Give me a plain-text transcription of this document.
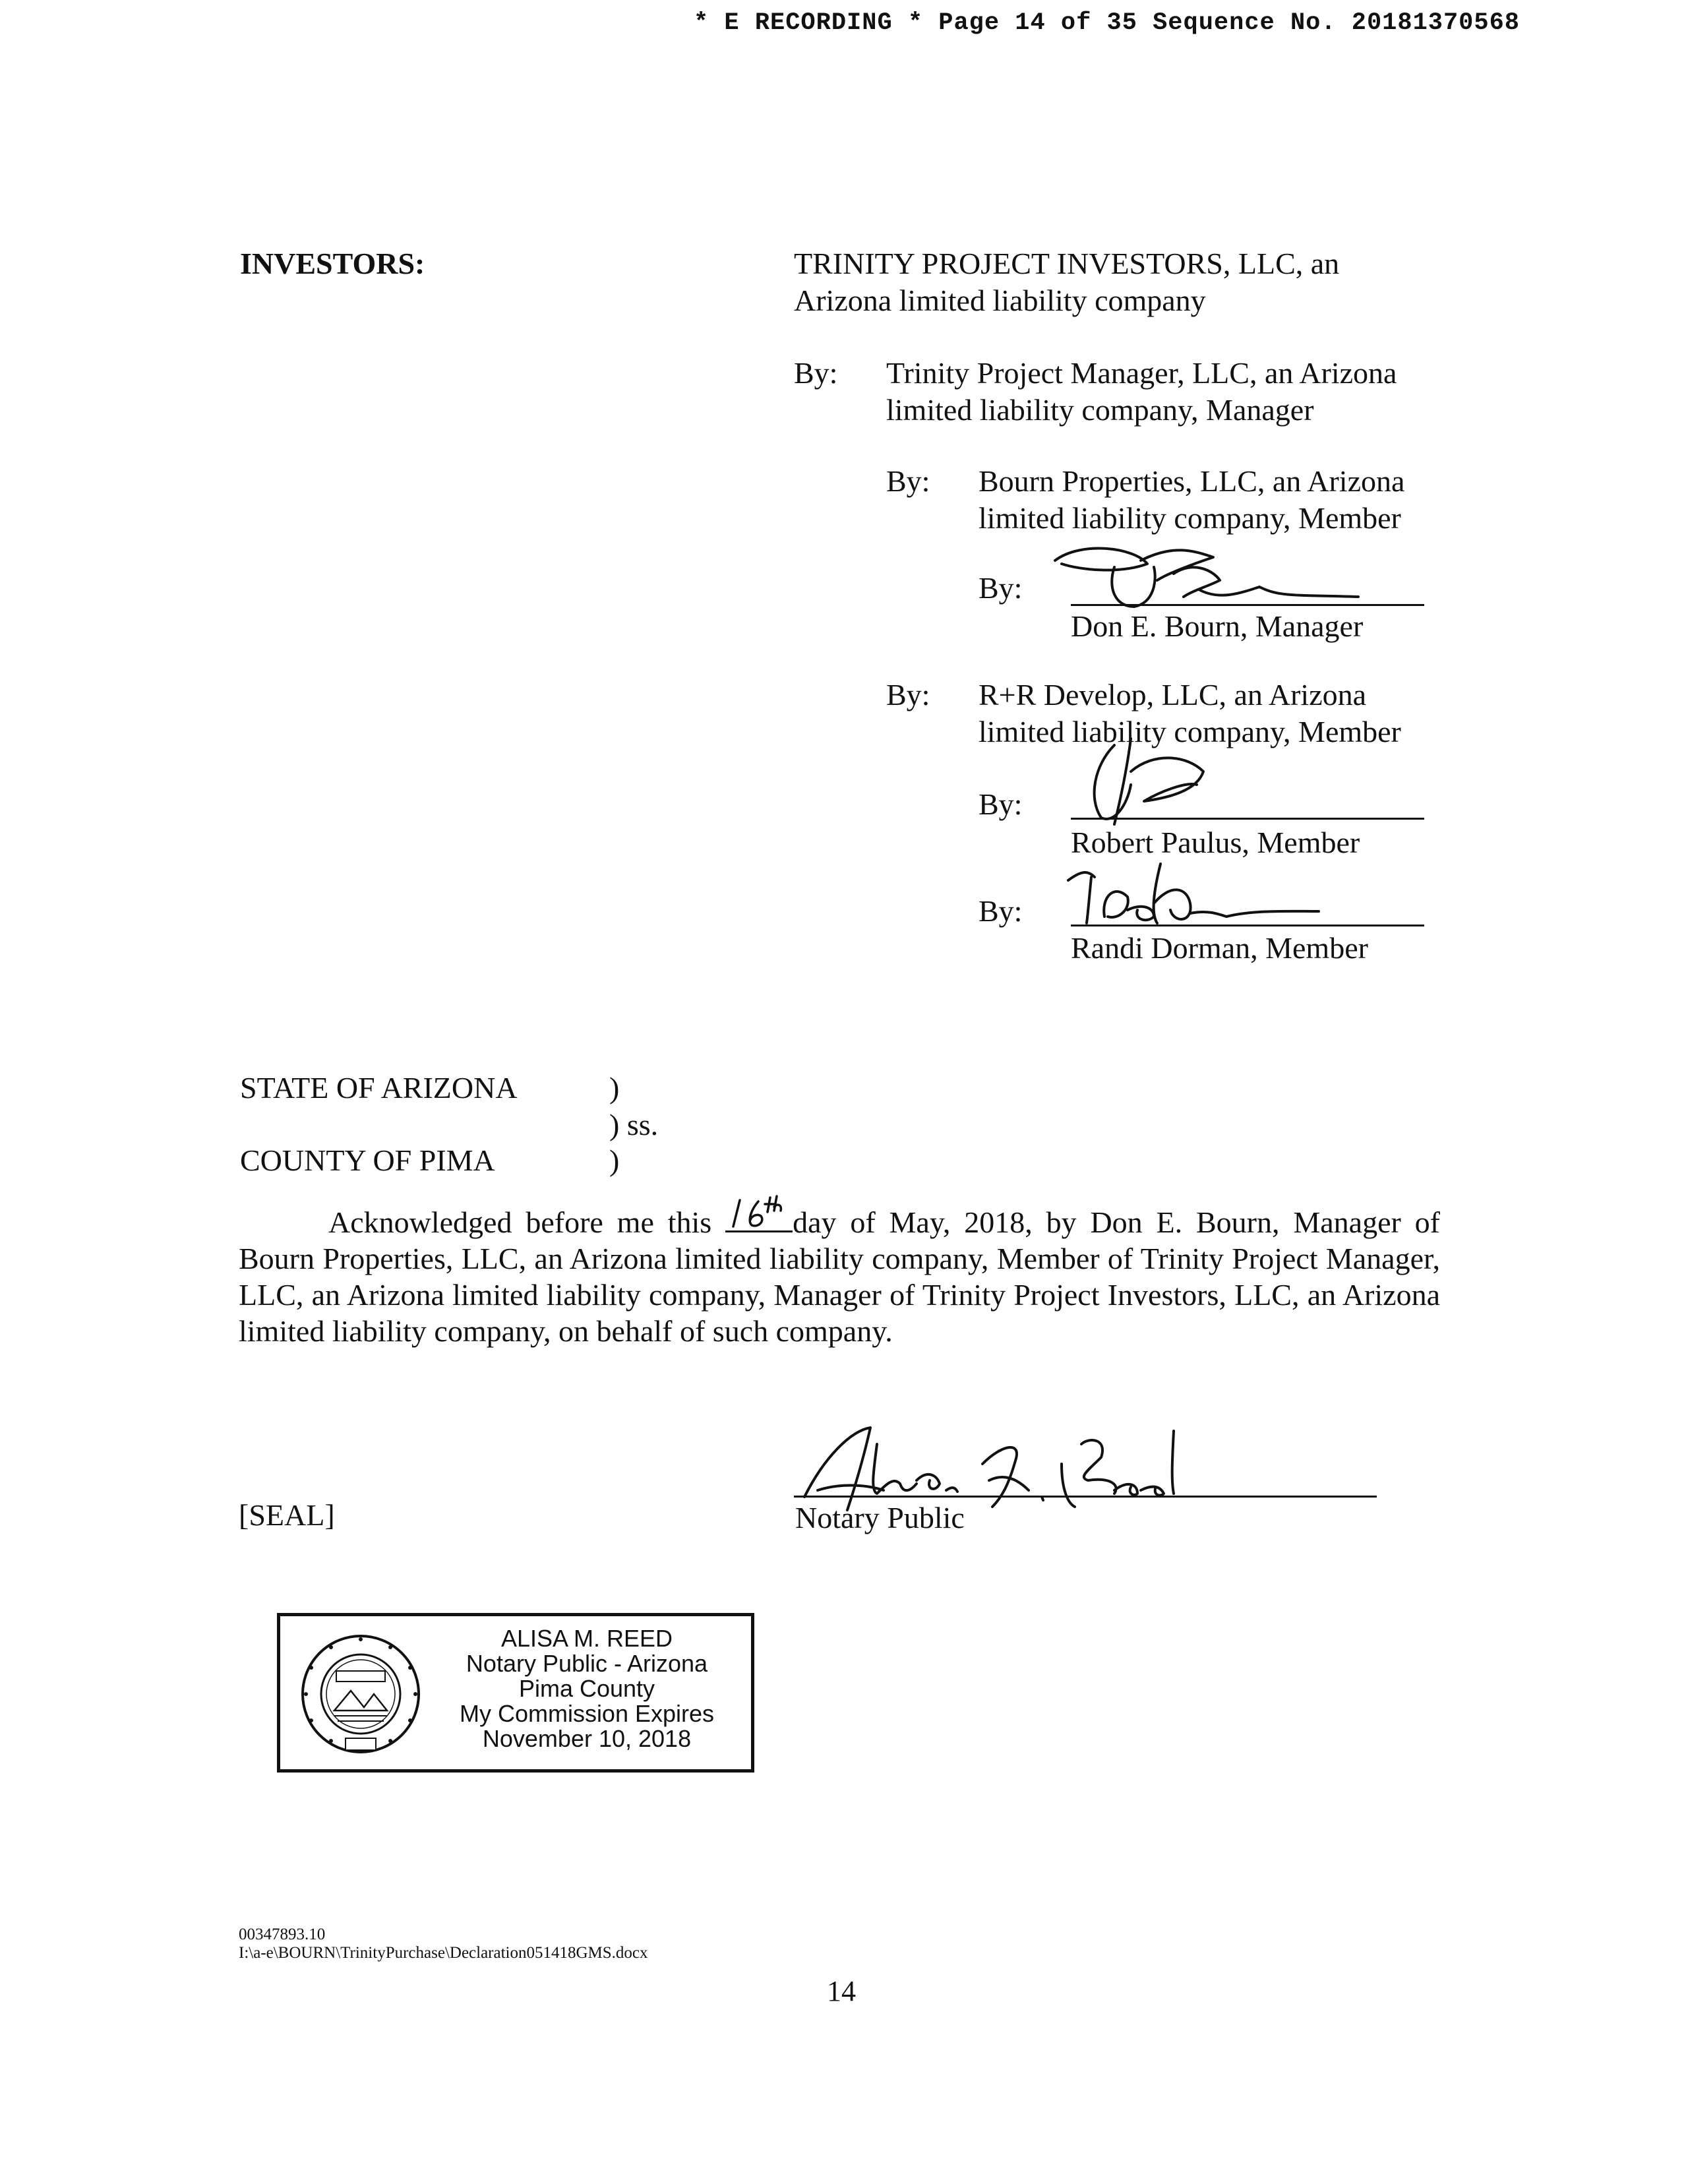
* E RECORDING * Page 14 of 35 Sequence No. 20181370568
INVESTORS:	TRINITY PROJECT INVESTORS, LLC, an
Arizona limited liability company
By: Trinity Project Manager, LLC, an Arizona
limited liability company, Manager
By: Bourn Properties, LLC, an Arizona
limited liability company, Member
By:
Don E. Bourn, Manager
By: R+R Develop, LLC, an Arizona
limited liability company, Member
By:
Robert Paulus, Member
By:
Randi Dorman, Member
STATE OF ARIZONA	)
) ss.
COUNTY OF PIMA	)
Acknowledged before me this	day of May, 2018, by Don E. Bourn, Manager of Bourn Properties, LLC, an Arizona limited liability company, Member of Trinity Project Manager, LLC, an Arizona limited liability company, Manager of Trinity Project Investors, LLC, an Arizona limited liability company, on behalf of such company.
[SEAL]	Notary Public
ALISA M. REED
Notary Public - Arizona
Pima County
My Commission Expires
November 10, 2018
00347893.10
I:\a-e\BOURN\TrinityPurchase\Declaration051418GMS.docx
14
